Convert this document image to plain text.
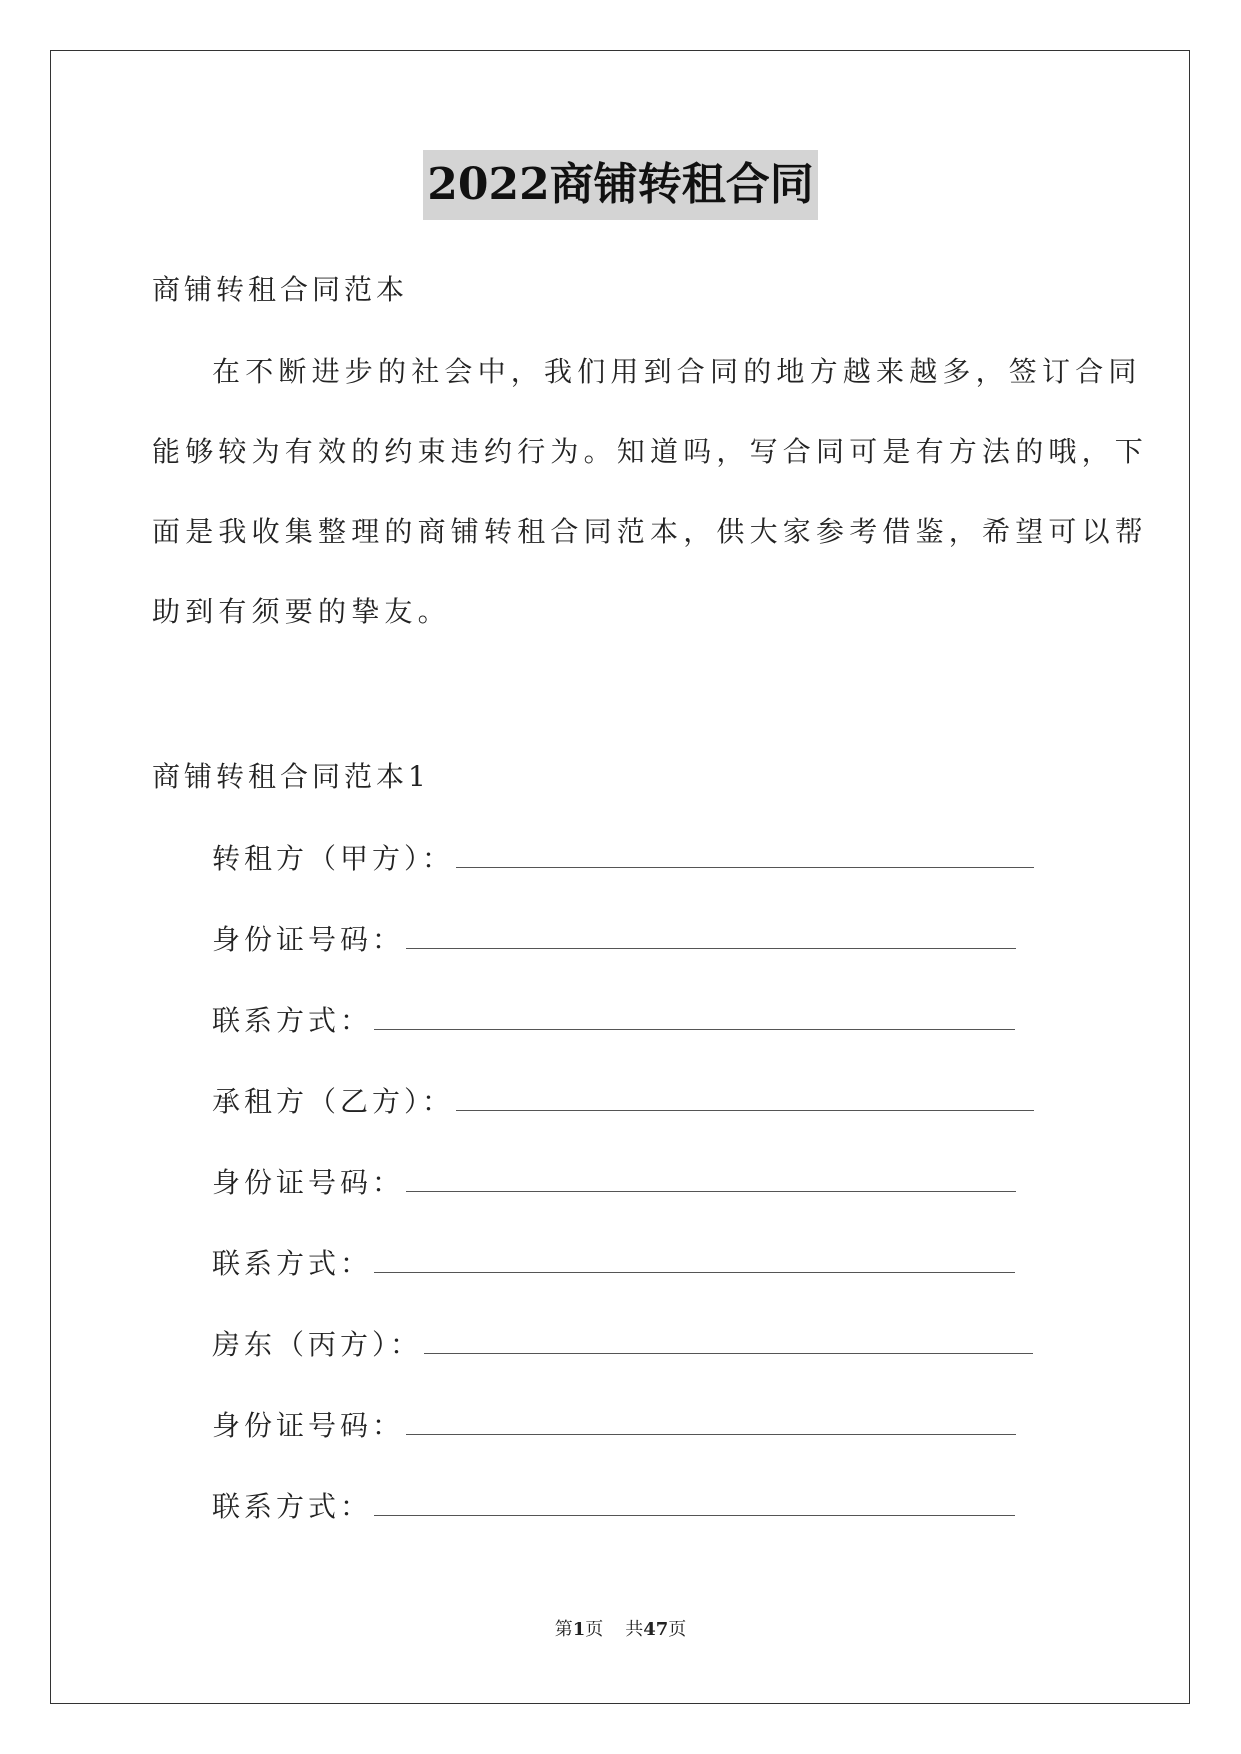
2022商铺转租合同
商铺转租合同范本
在不断进步的社会中，我们用到合同的地方越来越多，签订合同
能够较为有效的约束违约行为。知道吗，写合同可是有方法的哦，下
面是我收集整理的商铺转租合同范本，供大家参考借鉴，希望可以帮
助到有须要的挚友。
商铺转租合同范本1
转租方（甲方）：
身份证号码：
联系方式：
承租方（乙方）：
身份证号码：
联系方式：
房东（丙方）：
身份证号码：
联系方式：
第1页 共47页
